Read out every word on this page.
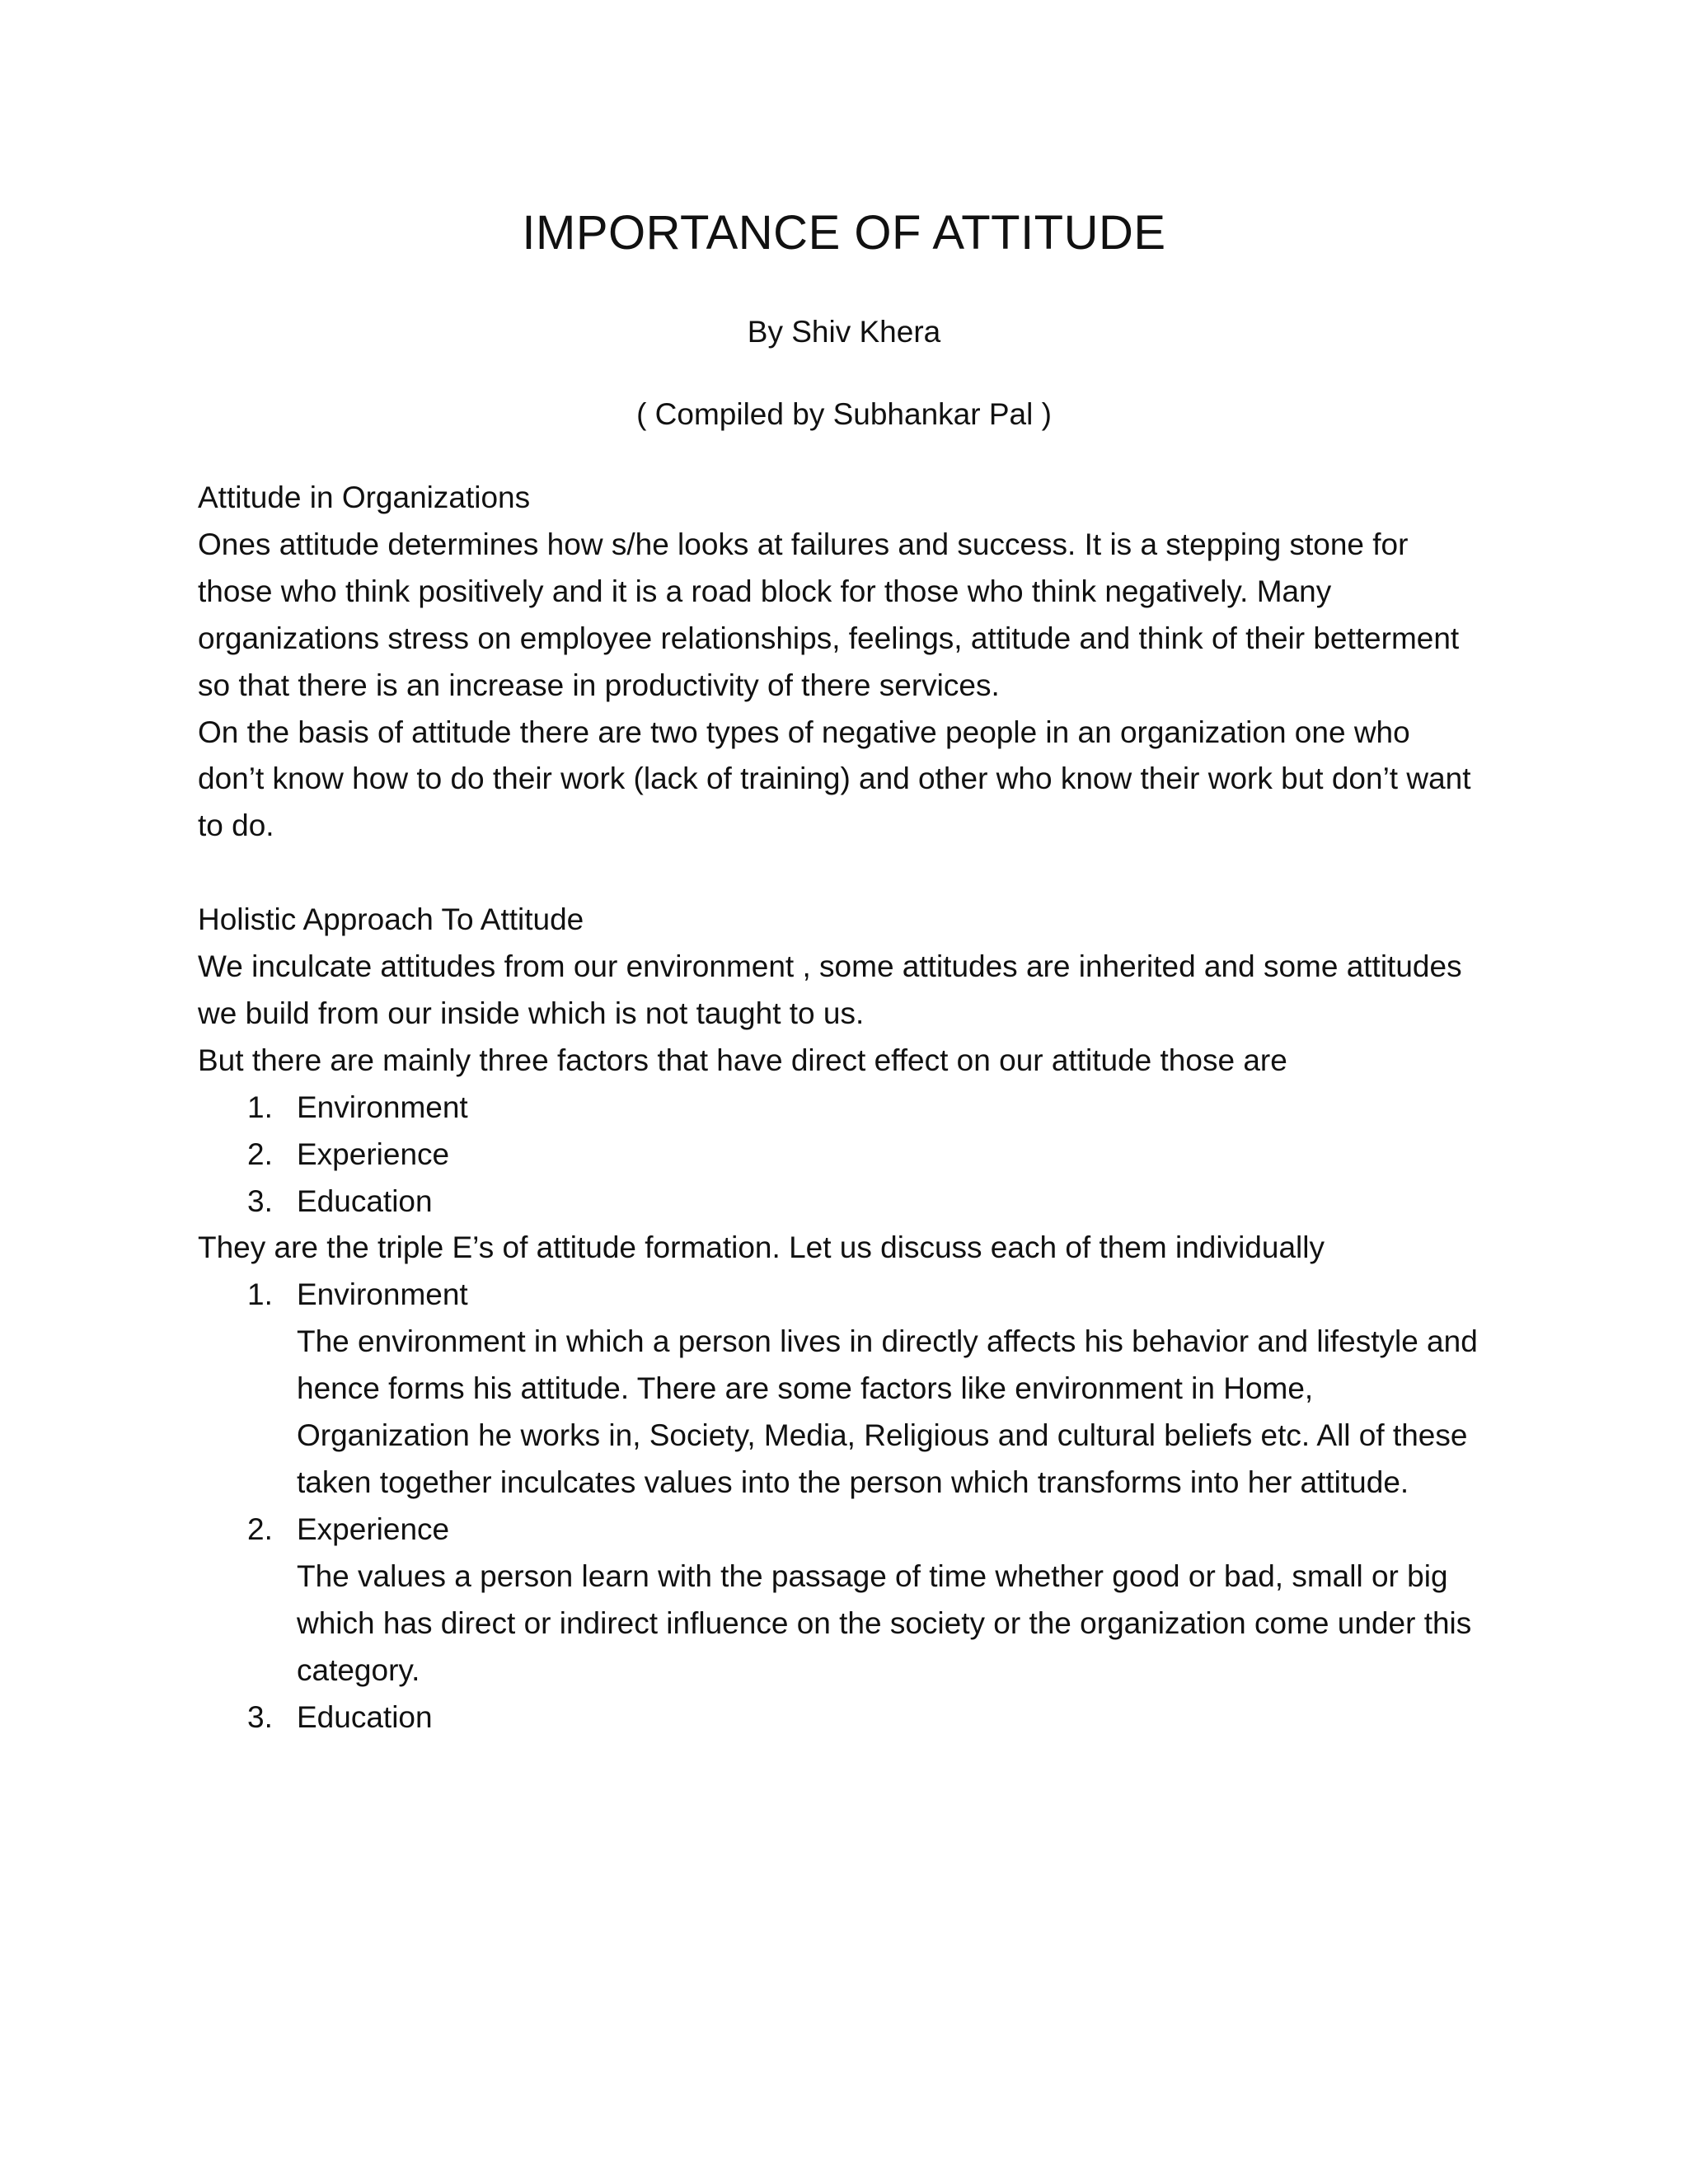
IMPORTANCE OF ATTITUDE
By Shiv Khera
( Compiled by Subhankar Pal )

Attitude in Organizations

Ones attitude determines how s/he looks at failures and success. It is a stepping stone for those who think positively and it is a road block for those who think negatively. Many organizations stress on employee relationships, feelings, attitude and think of their betterment so that there is an increase in productivity of there services.

On the basis of attitude there are two types of negative people in an organization one who don’t know how to do their work (lack of training) and other who know their work but don’t want to do.

Holistic Approach To Attitude

We inculcate attitudes from our environment , some attitudes are inherited and some attitudes we build from our inside which is not taught to us.

But there are mainly three factors that have direct effect on our attitude those are

1. Environment
2. Experience
3. Education

They are the triple E’s of attitude formation. Let us discuss each of them individually

1. Environment
The environment in which a person lives in directly affects his behavior and lifestyle and hence forms his attitude. There are some factors like environment in Home, Organization he works in, Society, Media, Religious and cultural beliefs etc. All of these taken together inculcates values into the person which transforms into her attitude.
2. Experience
The values a person learn with the passage of time whether good or bad, small or big which has direct or indirect influence on the society or the organization come under this category.
3. Education
